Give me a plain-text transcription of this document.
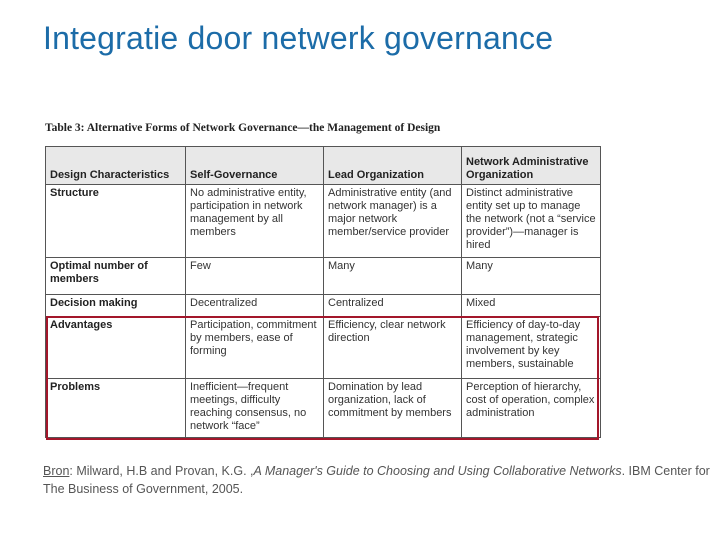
Integratie door netwerk governance
Table 3: Alternative Forms of Network Governance—the Management of Design
Design Characteristics	Self-Governance	Lead Organization	Network Administrative Organization
Structure	No administrative entity, participation in network management by all members	Administrative entity (and network manager) is a major network member/service provider	Distinct administrative entity set up to manage the network (not a “service provider”)—manager is hired
Optimal number of members	Few	Many	Many
Decision making	Decentralized	Centralized	Mixed
Advantages	Participation, commitment by members, ease of forming	Efficiency, clear network direction	Efficiency of day-to-day management, strategic involvement by key members, sustainable
Problems	Inefficient—frequent meetings, difficulty reaching consensus, no network “face”	Domination by lead organization, lack of commitment by members	Perception of hierarchy, cost of operation, complex administration
Bron: Milward, H.B and Provan, K.G. ,A Manager's Guide to Choosing and Using Collaborative Networks. IBM Center for The Business of Government, 2005.
